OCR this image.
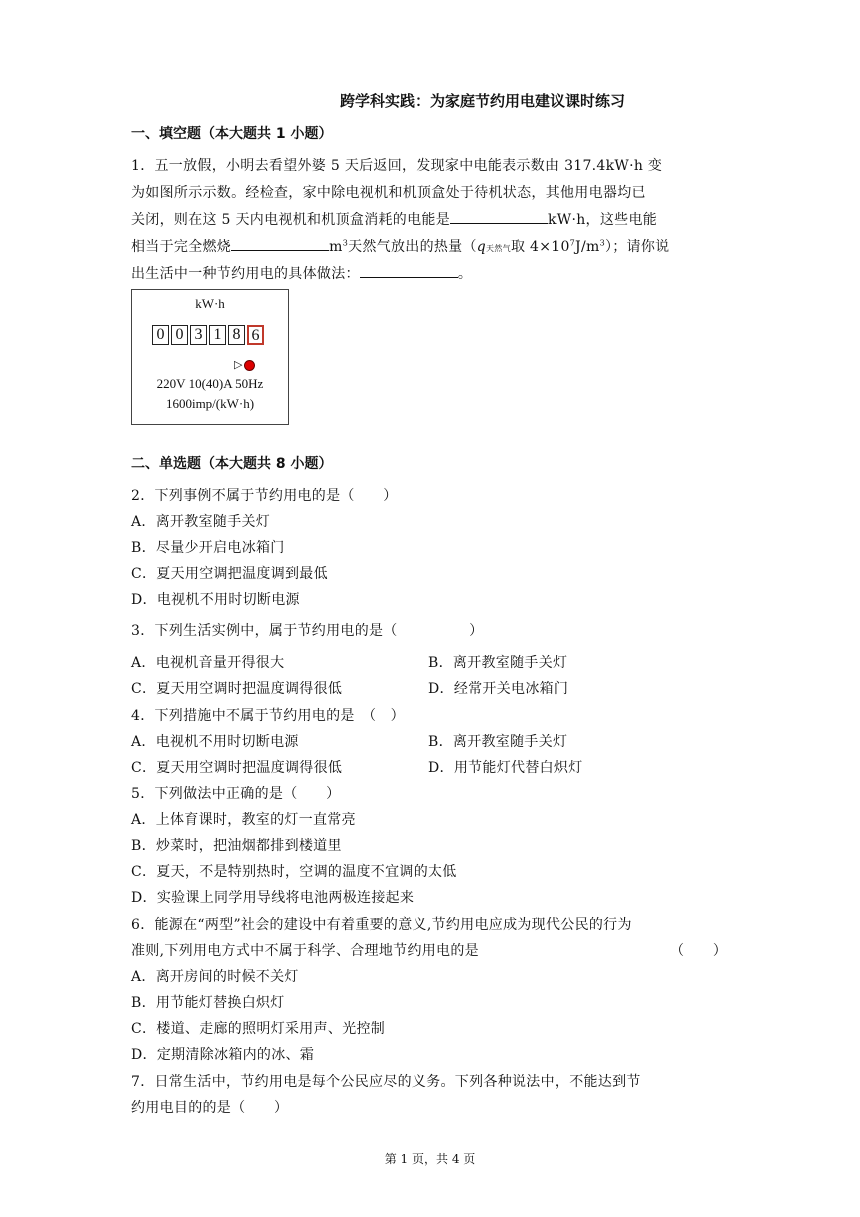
跨学科实践：为家庭节约用电建议课时练习
一、填空题（本大题共 1 小题）
1．五一放假，小明去看望外婆 5 天后返回，发现家中电能表示数由 317.4kW·h 变
为如图所示示数。经检查，家中除电视机和机顶盒处于待机状态，其他用电器均已
关闭，则在这 5 天内电视机和机顶盒消耗的电能是	kW·h，这些电能
相当于完全燃烧	$m^3$天然气放出的热量（q天然气取 $4\times 10^7J/m^3$）；请你说
出生活中一种节约用电的具体做法：	。
kW·h
0 0 3 1 8 6
▷
220V 10(40)A 50Hz
1600imp/(kW·h)
二、单选题（本大题共 8 小题）
2．下列事例不属于节约用电的是（　　）
A．离开教室随手关灯
B．尽量少开启电冰箱门
C．夏天用空调把温度调到最低
D．电视机不用时切断电源
3．下列生活实例中，属于节约用电的是（　　　　　）
A．电视机音量开得很大	B．离开教室随手关灯
C．夏天用空调时把温度调得很低	D．经常开关电冰箱门
4．下列措施中不属于节约用电的是　（　）
A．电视机不用时切断电源	B．离开教室随手关灯
C．夏天用空调时把温度调得很低	D．用节能灯代替白炽灯
5．下列做法中正确的是（　　）
A．上体育课时，教室的灯一直常亮
B．炒菜时，把油烟都排到楼道里
C．夏天，不是特别热时，空调的温度不宜调的太低
D．实验课上同学用导线将电池两极连接起来
6．能源在“两型”社会的建设中有着重要的意义,节约用电应成为现代公民的行为
准则,下列用电方式中不属于科学、合理地节约用电的是	（　　）
A．离开房间的时候不关灯
B．用节能灯替换白炽灯
C．楼道、走廊的照明灯采用声、光控制
D．定期清除冰箱内的冰、霜
7．日常生活中，节约用电是每个公民应尽的义务。下列各种说法中，不能达到节
约用电目的的是（　　）
第 1 页，共 4 页
